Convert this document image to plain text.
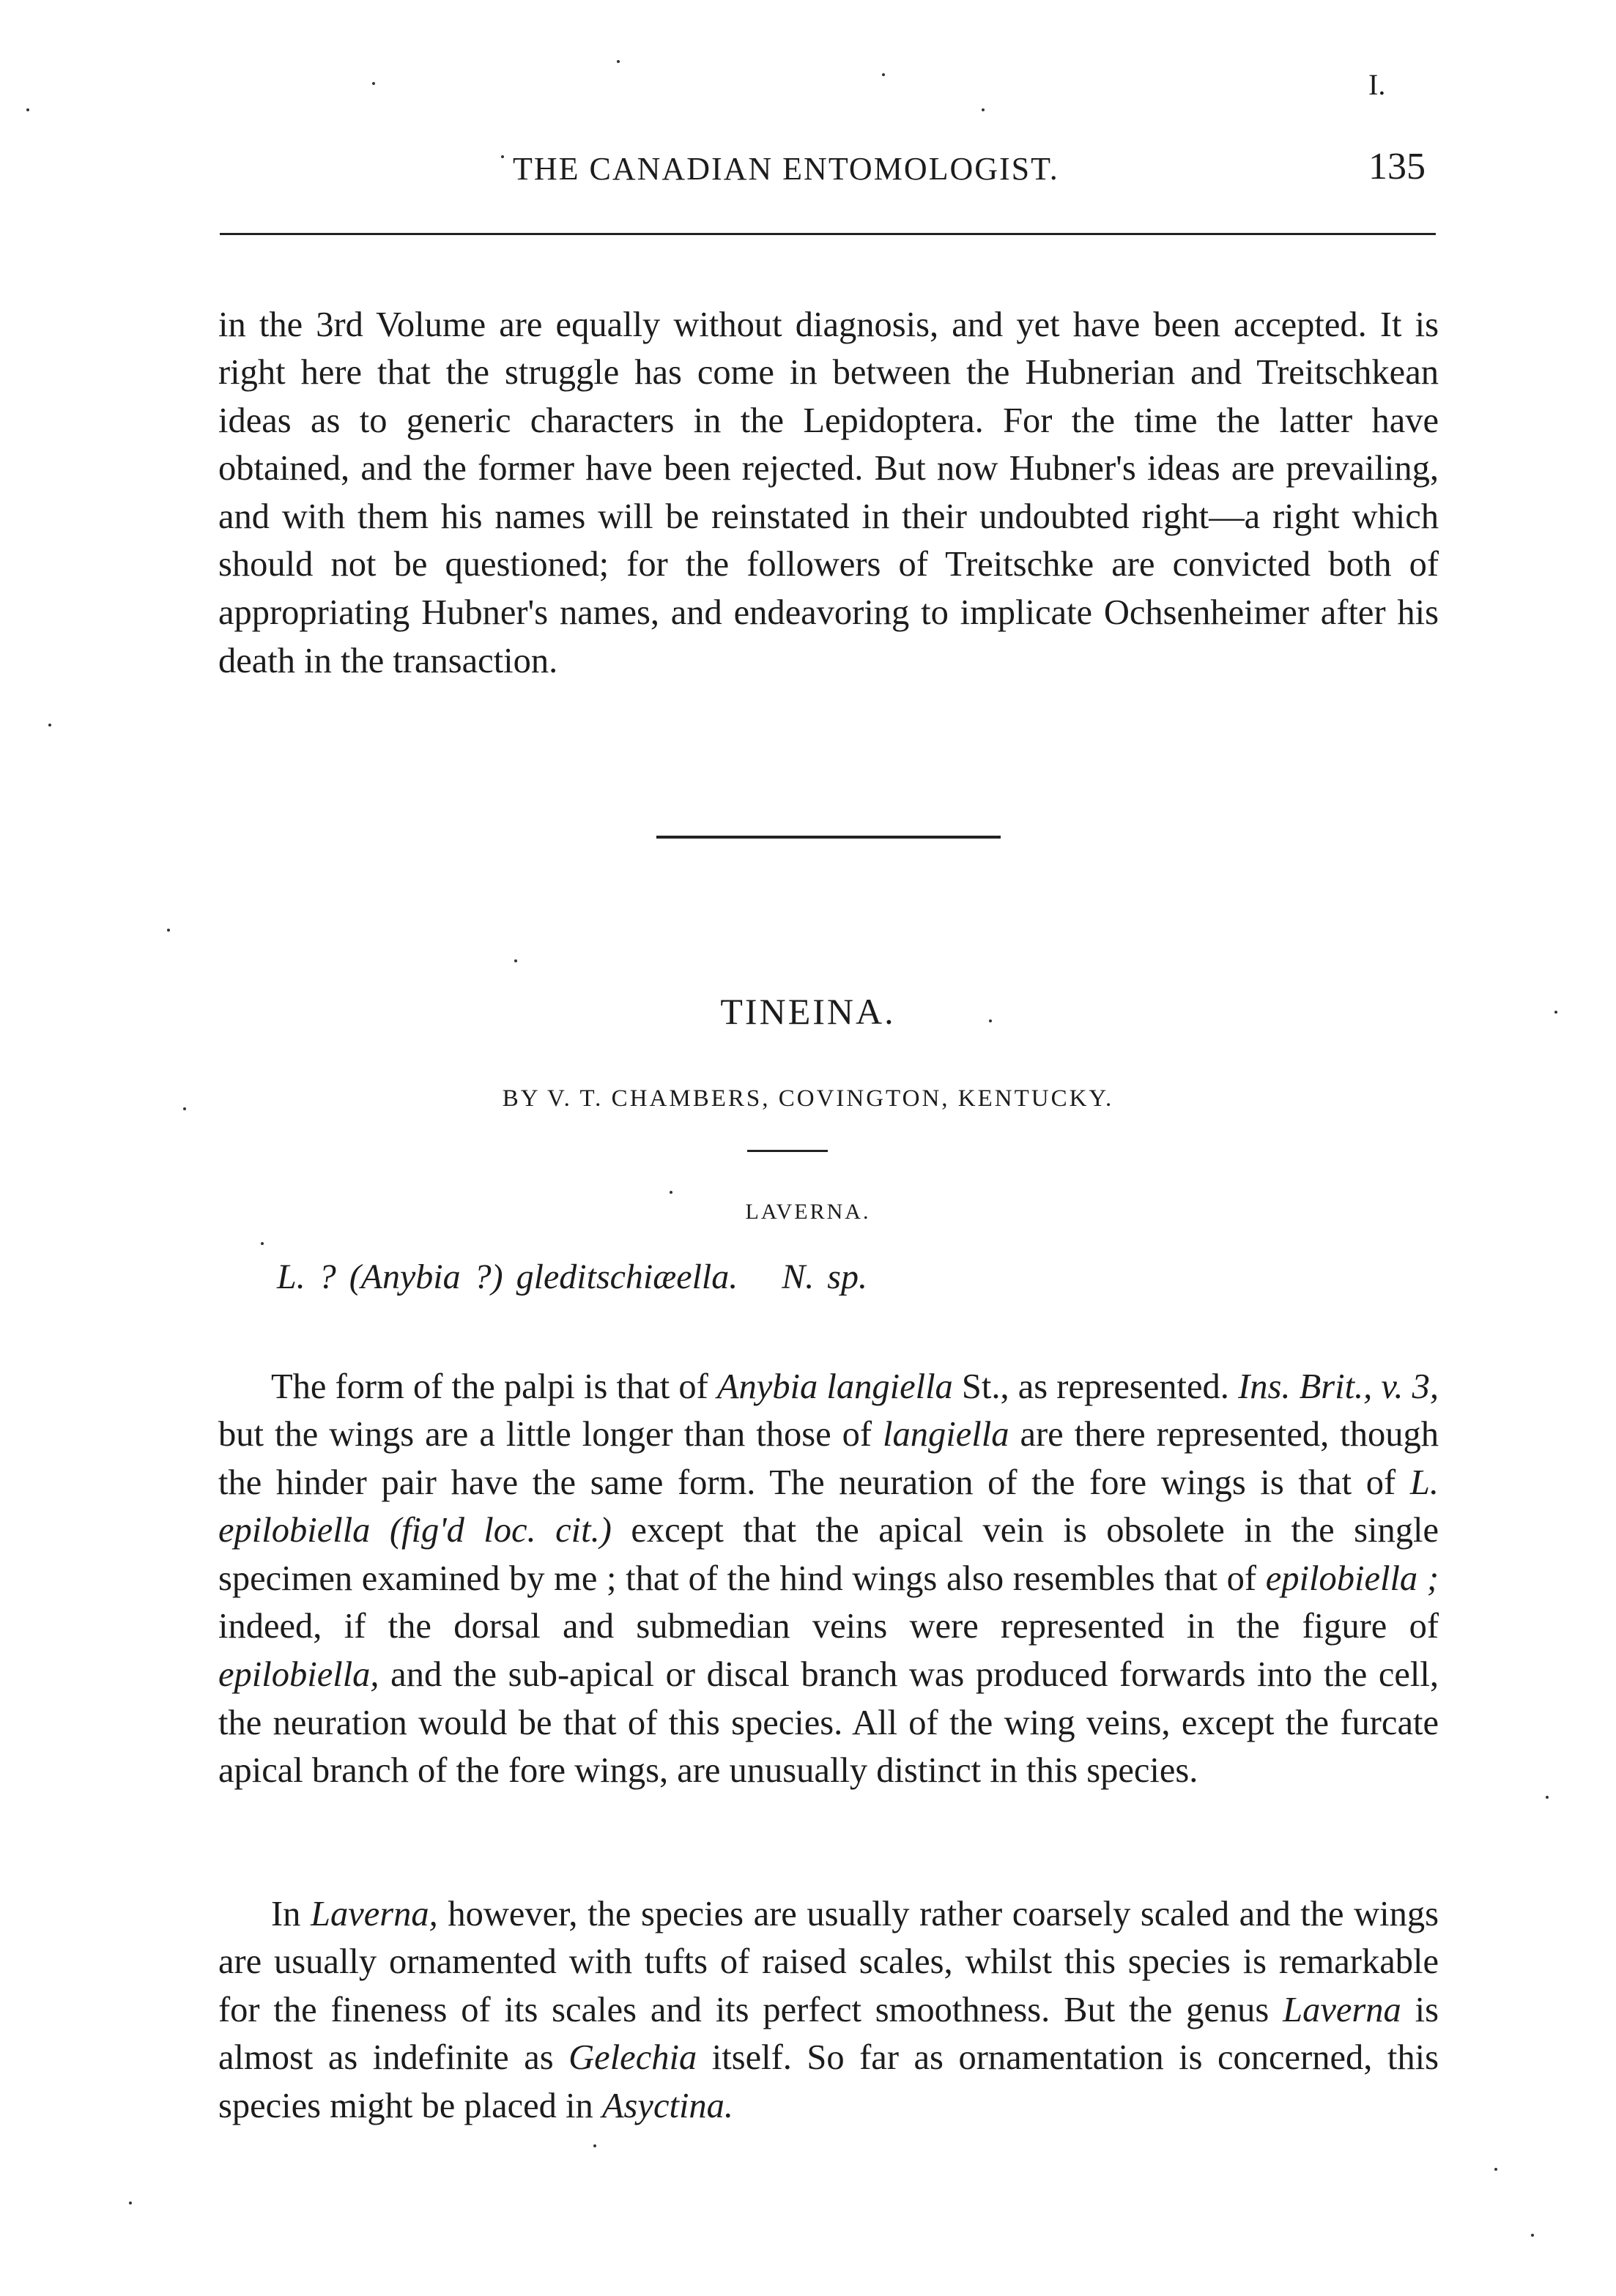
I.
THE CANADIAN ENTOMOLOGIST.	135

in the 3rd Volume are equally without diagnosis, and yet have been accepted. It is right here that the struggle has come in between the Hubnerian and Treitschkean ideas as to generic characters in the Lepidoptera. For the time the latter have obtained, and the former have been rejected. But now Hubner's ideas are prevailing, and with them his names will be reinstated in their undoubted right—a right which should not be questioned; for the followers of Treitschke are convicted both of appropriating Hubner's names, and endeavoring to implicate Ochsenheimer after his death in the transaction.

TINEINA.
BY V. T. CHAMBERS, COVINGTON, KENTUCKY.
LAVERNA.
L. ? (Anybia ?) gleditschiæella. N. sp.

The form of the palpi is that of Anybia langiella St., as represented. Ins. Brit., v. 3, but the wings are a little longer than those of langiella are there represented, though the hinder pair have the same form. The neuration of the fore wings is that of L. epilobiella (fig'd loc. cit.) except that the apical vein is obsolete in the single specimen examined by me ; that of the hind wings also resembles that of epilobiella ; indeed, if the dorsal and submedian veins were represented in the figure of epilobiella, and the sub-apical or discal branch was produced forwards into the cell, the neuration would be that of this species. All of the wing veins, except the furcate apical branch of the fore wings, are unusually distinct in this species.

In Laverna, however, the species are usually rather coarsely scaled and the wings are usually ornamented with tufts of raised scales, whilst this species is remarkable for the fineness of its scales and its perfect smoothness. But the genus Laverna is almost as indefinite as Gelechia itself. So far as ornamentation is concerned, this species might be placed in Asyctina.
